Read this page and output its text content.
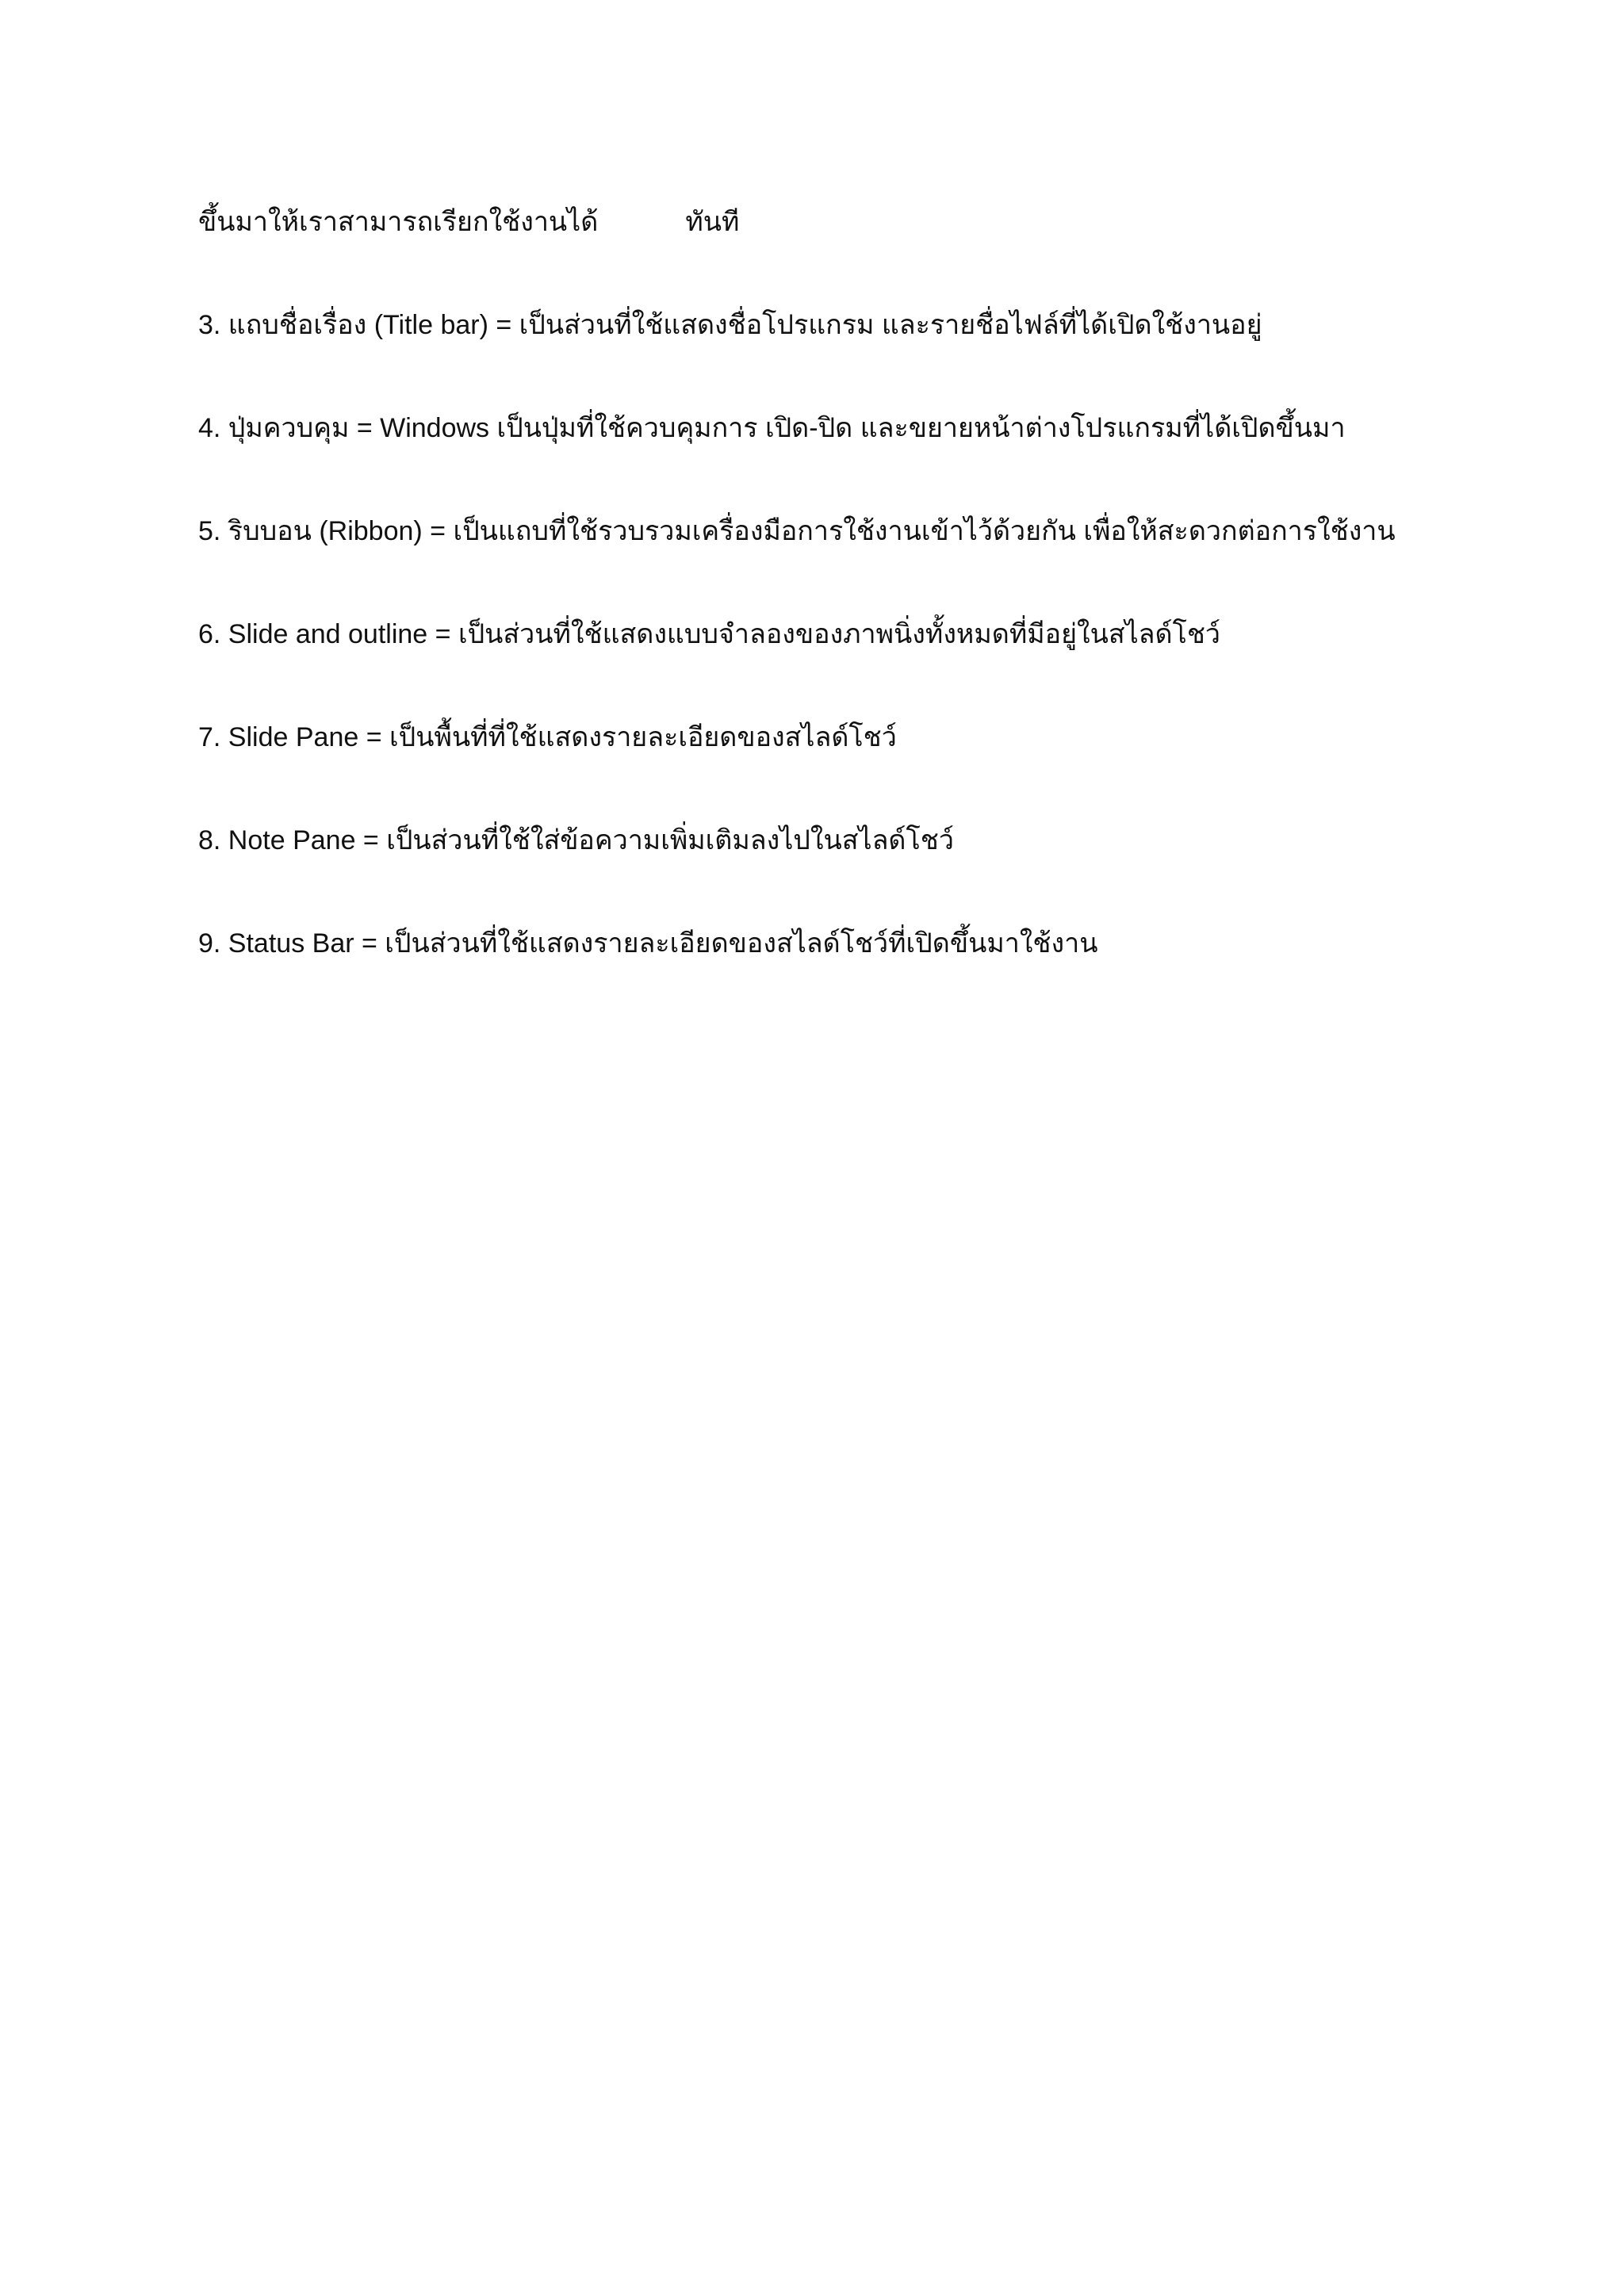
ขึ้นมาให้เราสามารถเรียกใช้งานได้	ทันที
3. แถบชื่อเรื่อง (Title bar) = เป็นส่วนที่ใช้แสดงชื่อโปรแกรม และรายชื่อไฟล์ที่ได้เปิดใช้งานอยู่
4. ปุ่มควบคุม = Windows เป็นปุ่มที่ใช้ควบคุมการ เปิด-ปิด และขยายหน้าต่างโปรแกรมที่ได้เปิดขึ้นมา
5. ริบบอน (Ribbon) = เป็นแถบที่ใช้รวบรวมเครื่องมือการใช้งานเข้าไว้ด้วยกัน เพื่อให้สะดวกต่อการใช้งาน
6. Slide and outline = เป็นส่วนที่ใช้แสดงแบบจำลองของภาพนิ่งทั้งหมดที่มีอยู่ในสไลด์โชว์
7. Slide Pane = เป็นพื้นที่ที่ใช้แสดงรายละเอียดของสไลด์โชว์
8. Note Pane = เป็นส่วนที่ใช้ใส่ข้อความเพิ่มเติมลงไปในสไลด์โชว์
9. Status Bar = เป็นส่วนที่ใช้แสดงรายละเอียดของสไลด์โชว์ที่เปิดขึ้นมาใช้งาน
